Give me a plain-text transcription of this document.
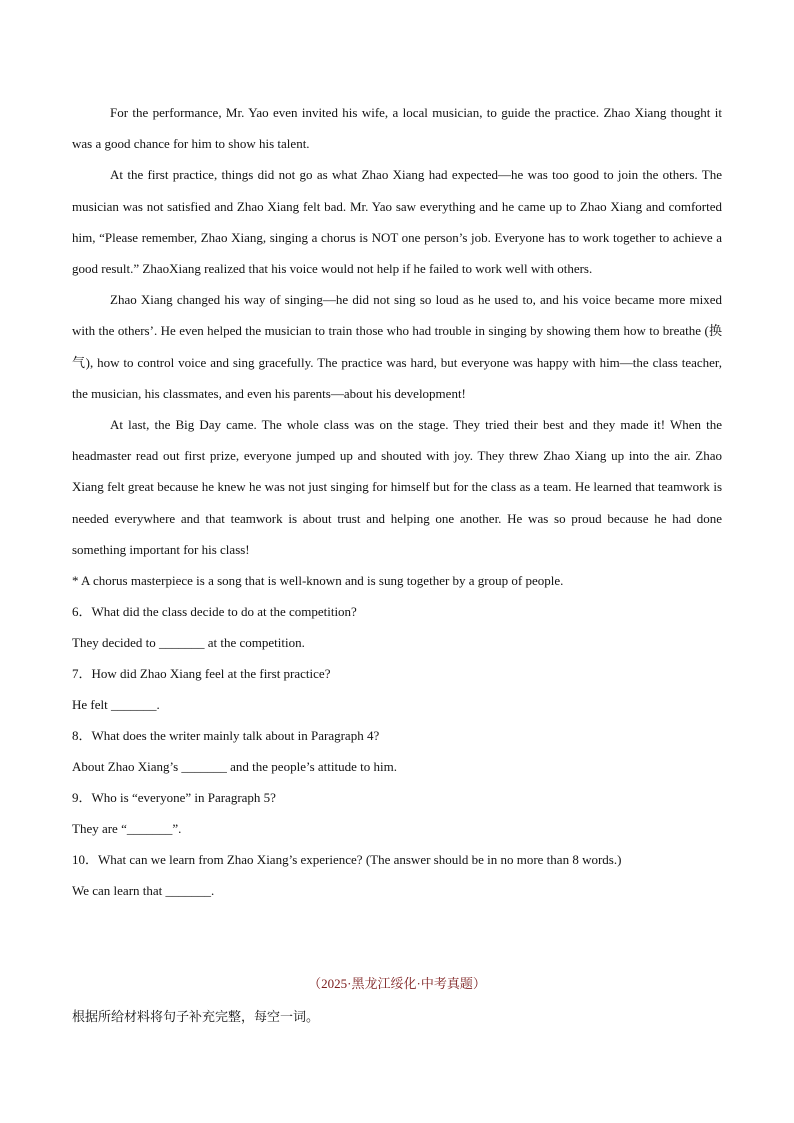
For the performance, Mr. Yao even invited his wife, a local musician, to guide the practice. Zhao Xiang thought it was a good chance for him to show his talent.

At the first practice, things did not go as what Zhao Xiang had expected—he was too good to join the others. The musician was not satisfied and Zhao Xiang felt bad. Mr. Yao saw everything and he came up to Zhao Xiang and comforted him, “Please remember, Zhao Xiang, singing a chorus is NOT one person’s job. Everyone has to work together to achieve a good result.” ZhaoXiang realized that his voice would not help if he failed to work well with others.

Zhao Xiang changed his way of singing—he did not sing so loud as he used to, and his voice became more mixed with the others’. He even helped the musician to train those who had trouble in singing by showing them how to breathe (换气), how to control voice and sing gracefully. The practice was hard, but everyone was happy with him—the class teacher, the musician, his classmates, and even his parents—about his development!

At last, the Big Day came. The whole class was on the stage. They tried their best and they made it! When the headmaster read out first prize, everyone jumped up and shouted with joy. They threw Zhao Xiang up into the air. Zhao Xiang felt great because he knew he was not just singing for himself but for the class as a team. He learned that teamwork is needed everywhere and that teamwork is about trust and helping one another. He was so proud because he had done something important for his class!

* A chorus masterpiece is a song that is well-known and is sung together by a group of people.

6．What did the class decide to do at the competition?

They decided to _______ at the competition.

7．How did Zhao Xiang feel at the first practice?

He felt _______.

8．What does the writer mainly talk about in Paragraph 4?

About Zhao Xiang’s _______ and the people’s attitude to him.

9．Who is “everyone” in Paragraph 5?

They are “_______”.

10．What can we learn from Zhao Xiang’s experience? (The answer should be in no more than 8 words.)

We can learn that _______.

（2025·黑龙江绥化·中考真题）
根据所给材料将句子补充完整，每空一词。
